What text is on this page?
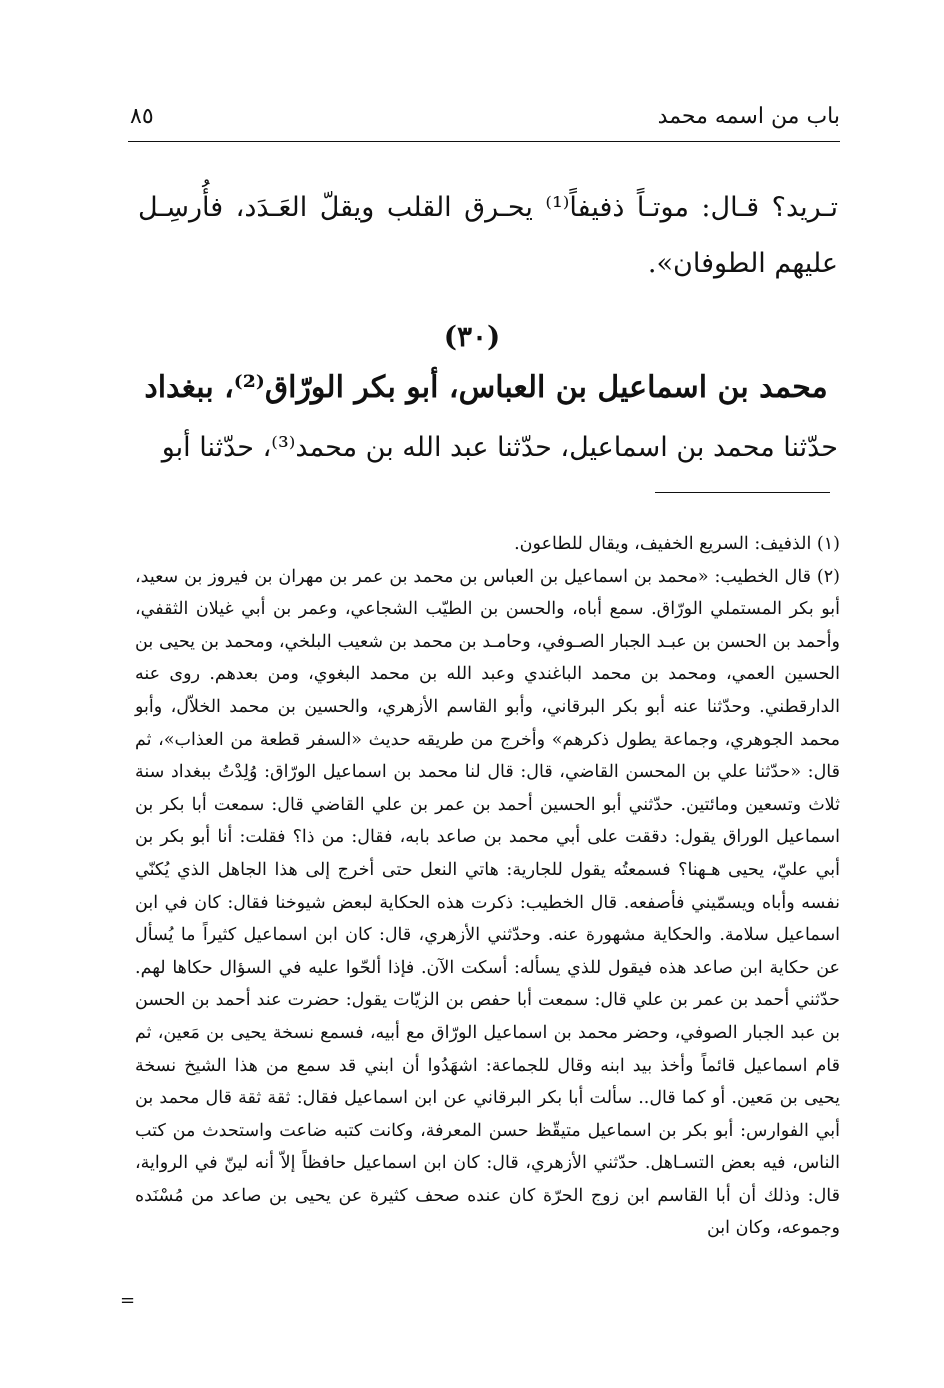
باب من اسمه محمد
٨٥
تـريد؟ قـال: موتـاً ذفيفاً⁽¹⁾ يحـرق القلب ويقلّ العَـدَد، فأُرسِـل عليهم الطوفان».
(٣٠)
محمد بن اسماعيل بن العباس، أبو بكر الورّاق⁽²⁾، ببغداد
حدّثنا محمد بن اسماعيل، حدّثنا عبد الله بن محمد⁽³⁾، حدّثنا أبو

(١) الذفيف: السريع الخفيف، ويقال للطاعون.

(٢) قال الخطيب: «محمد بن اسماعيل بن العباس بن محمد بن عمر بن مهران بن فيروز بن سعيد، أبو بكر المستملي الورّاق. سمع أباه، والحسن بن الطيّب الشجاعي، وعمر بن أبي غيلان الثقفي، وأحمد بن الحسن بن عبـد الجبار الصـوفي، وحامـد بن محمد بن شعيب البلخي، ومحمد بن يحيى بن الحسين العمي، ومحمد بن محمد الباغندي وعبد الله بن محمد البغوي، ومن بعدهم. روى عنه الدارقطني. وحدّثنا عنه أبو بكر البرقاني، وأبو القاسم الأزهري، والحسين بن محمد الخلاّل، وأبو محمد الجوهري، وجماعة يطول ذكرهم» وأخرج من طريقه حديث «السفر قطعة من العذاب»، ثم قال: «حدّثنا علي بن المحسن القاضي، قال: قال لنا محمد بن اسماعيل الورّاق: وُلِدْتُ ببغداد سنة ثلاث وتسعين ومائتين. حدّثني أبو الحسين أحمد بن عمر بن علي القاضي قال: سمعت أبا بكر بن اسماعيل الوراق يقول: دققت على أبي محمد بن صاعد بابه، فقال: من ذا؟ فقلت: أنا أبو بكر بن أبي عليّ، يحيى هـهنا؟ فسمعتُه يقول للجارية: هاتي النعل حتى أخرج إلى هذا الجاهل الذي يُكنّي نفسه وأباه ويسمّيني فأصفعه. قال الخطيب: ذكرت هذه الحكاية لبعض شيوخنا فقال: كان في ابن اسماعيل سلامة. والحكاية مشهورة عنه. وحدّثني الأزهري، قال: كان ابن اسماعيل كثيراً ما يُسأل عن حكاية ابن صاعد هذه فيقول للذي يسأله: أسكت الآن. فإذا ألحّوا عليه في السؤال حكاها لهم. حدّثني أحمد بن عمر بن علي قال: سمعت أبا حفص بن الزيّات يقول: حضرت عند أحمد بن الحسن بن عبد الجبار الصوفي، وحضر محمد بن اسماعيل الورّاق مع أبيه، فسمع نسخة يحيى بن مَعين، ثم قام اسماعيل قائماً وأخذ بيد ابنه وقال للجماعة: اشهَدُوا أن ابني قد سمع من هذا الشيخ نسخة يحيى بن مَعين. أو كما قال.. سألت أبا بكر البرقاني عن ابن اسماعيل فقال: ثقة ثقة قال محمد بن أبي الفوارس: أبو بكر بن اسماعيل متيقّظ حسن المعرفة، وكانت كتبه ضاعت واستحدث من كتب الناس، فيه بعض التسـاهل. حدّثني الأزهري، قال: كان ابن اسماعيل حافظاً إلاّ أنه لينّ في الرواية، قال: وذلك أن أبا القاسم ابن زوج الحرّة كان عنده صحف كثيرة عن يحيى بن صاعد من مُسْنَده وجموعه، وكان ابن

=
